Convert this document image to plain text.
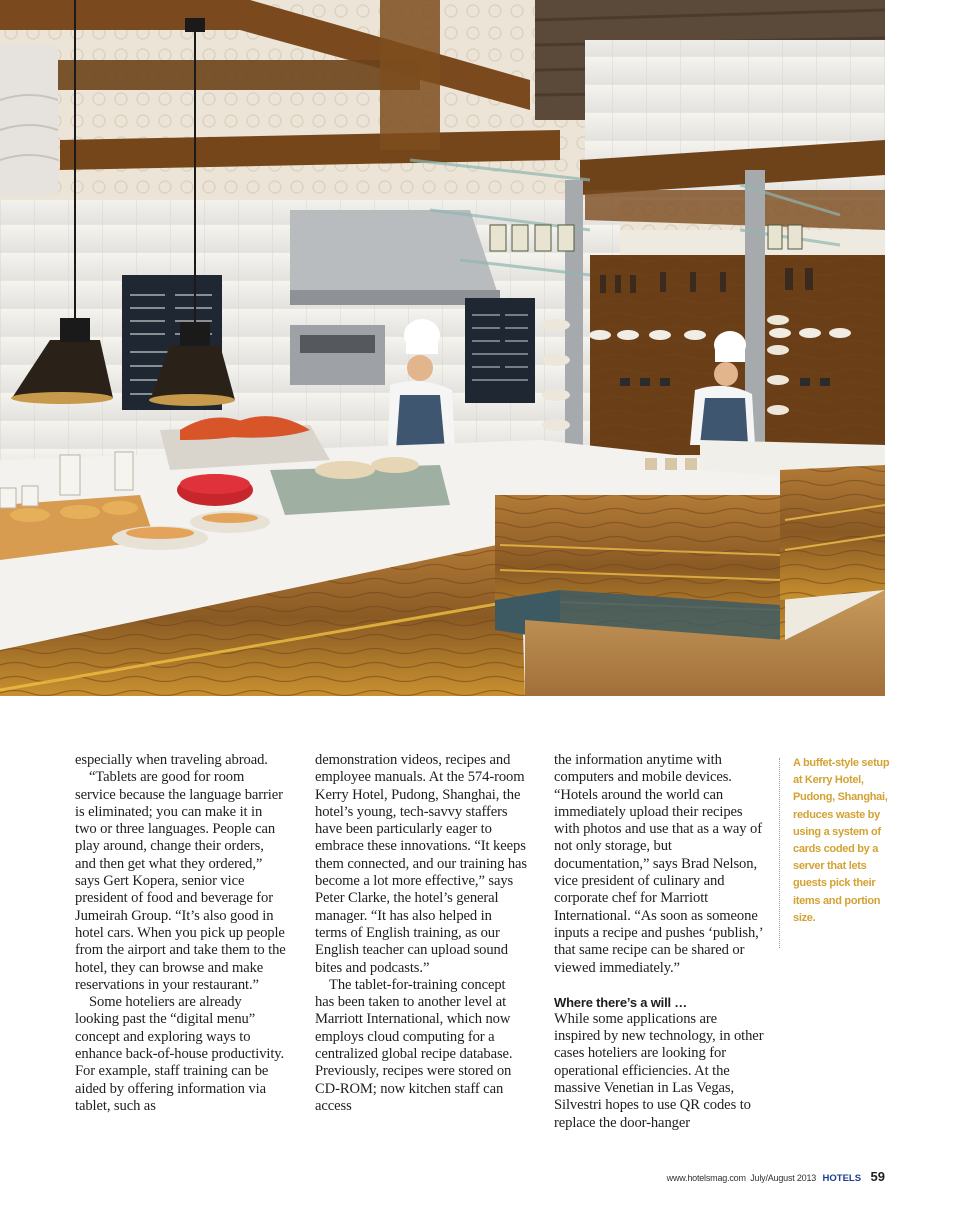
especially when traveling abroad.

“Tablets are good for room service because the language barrier is eliminated; you can make it in two or three languages. People can play around, change their orders, and then get what they ordered,” says Gert Kopera, senior vice president of food and beverage for Jumeirah Group. “It’s also good in hotel cars. When you pick up people from the airport and take them to the hotel, they can browse and make reservations in your restaurant.”

Some hoteliers are already looking past the “digital menu” concept and exploring ways to enhance back-of-house productivity. For example, staff training can be aided by offering information via tablet, such as

demonstration videos, recipes and employee manuals. At the 574-room Kerry Hotel, Pudong, Shanghai, the hotel’s young, tech-savvy staffers have been particularly eager to embrace these innovations. “It keeps them connected, and our training has become a lot more effective,” says Peter Clarke, the hotel’s general manager. “It has also helped in terms of English training, as our English teacher can upload sound bites and podcasts.”

The tablet-for-training concept has been taken to another level at Marriott International, which now employs cloud computing for a centralized global recipe database. Previously, recipes were stored on CD-ROM; now kitchen staff can access

the information anytime with computers and mobile devices. “Hotels around the world can immediately upload their recipes with photos and use that as a way of not only storage, but documentation,” says Brad Nelson, vice president of culinary and corporate chef for Marriott International. “As soon as someone inputs a recipe and pushes ‘publish,’ that same recipe can be shared or viewed immediately.”

Where there’s a will …

While some applications are inspired by new technology, in other cases hoteliers are looking for operational efficiencies. At the massive Venetian in Las Vegas, Silvestri hopes to use QR codes to replace the door-hanger

A buffet-style setup at Kerry Hotel, Pudong, Shanghai, reduces waste by using a system of cards coded by a server that lets guests pick their items and portion size.
www.hotelsmag.com July/August 2013 HOTELS 59
